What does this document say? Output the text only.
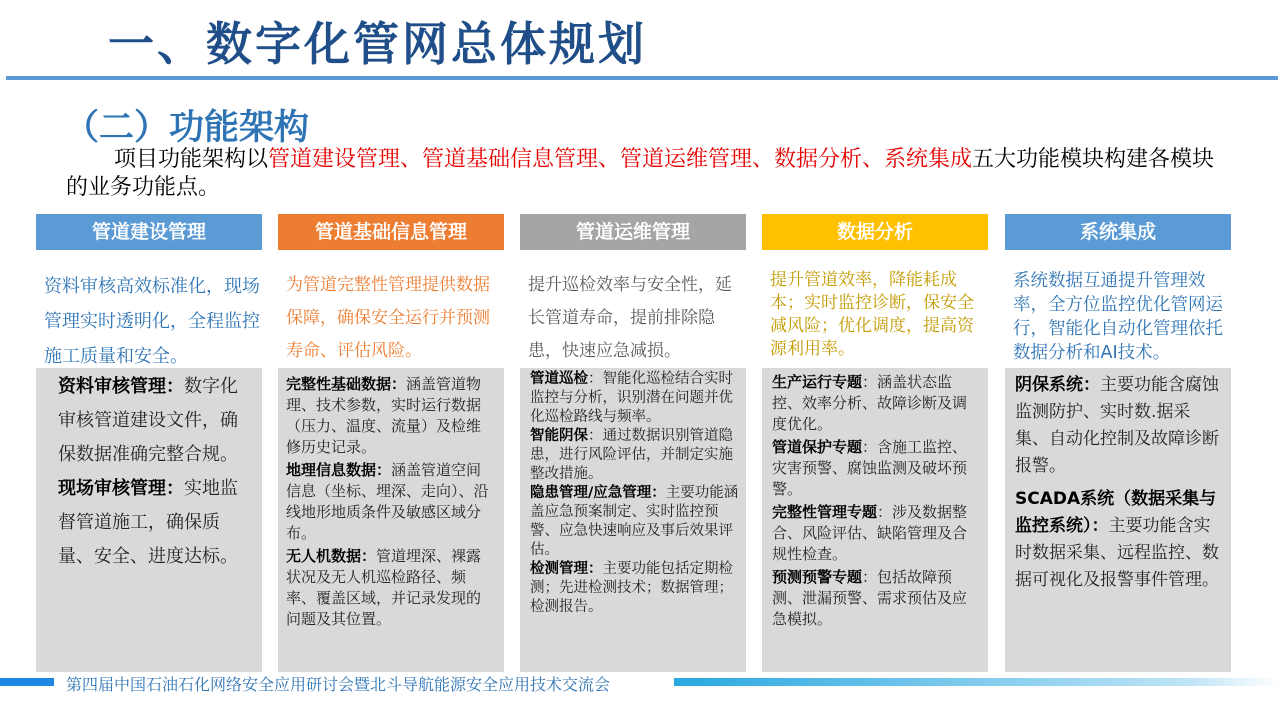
一、数字化管网总体规划
（二）功能架构
项目功能架构以管道建设管理、管道基础信息管理、管道运维管理、数据分析、系统集成五大功能模块构建各模块的业务功能点。
管道建设管理
资料审核高效标准化，现场管理实时透明化，全程监控施工质量和安全。

资料审核管理：数字化审核管道建设文件，确保数据准确完整合规。

现场审核管理：实地监督管道施工，确保质量、安全、进度达标。

管道基础信息管理
为管道完整性管理提供数据保障，确保安全运行并预测寿命、评估风险。

完整性基础数据：涵盖管道物理、技术参数，实时运行数据（压力、温度、流量）及检维修历史记录。

地理信息数据：涵盖管道空间信息（坐标、埋深、走向）、沿线地形地质条件及敏感区域分布。

无人机数据：管道埋深、裸露状况及无人机巡检路径、频率、覆盖区域，并记录发现的问题及其位置。

管道运维管理
提升巡检效率与安全性，延长管道寿命，提前排除隐患，快速应急减损。

管道巡检：智能化巡检结合实时监控与分析，识别潜在问题并优化巡检路线与频率。

智能阴保：通过数据识别管道隐患，进行风险评估，并制定实施整改措施。

隐患管理/应急管理：主要功能涵盖应急预案制定、实时监控预警、应急快速响应及事后效果评估。

检测管理：主要功能包括定期检测；先进检测技术；数据管理；检测报告。

数据分析
提升管道效率，降能耗成本；实时监控诊断，保安全减风险；优化调度，提高资源利用率。

生产运行专题：涵盖状态监控、效率分析、故障诊断及调度优化。

管道保护专题：含施工监控、灾害预警、腐蚀监测及破坏预警。

完整性管理专题：涉及数据整合、风险评估、缺陷管理及合规性检查。

预测预警专题：包括故障预测、泄漏预警、需求预估及应急模拟。

系统集成
系统数据互通提升管理效率，全方位监控优化管网运行，智能化自动化管理依托数据分析和AI技术。

阴保系统：主要功能含腐蚀监测防护、实时数.据采集、自动化控制及故障诊断报警。

SCADA系统（数据采集与监控系统）：主要功能含实时数据采集、远程监控、数据可视化及报警事件管理。

第四届中国石油石化网络安全应用研讨会暨北斗导航能源安全应用技术交流会
